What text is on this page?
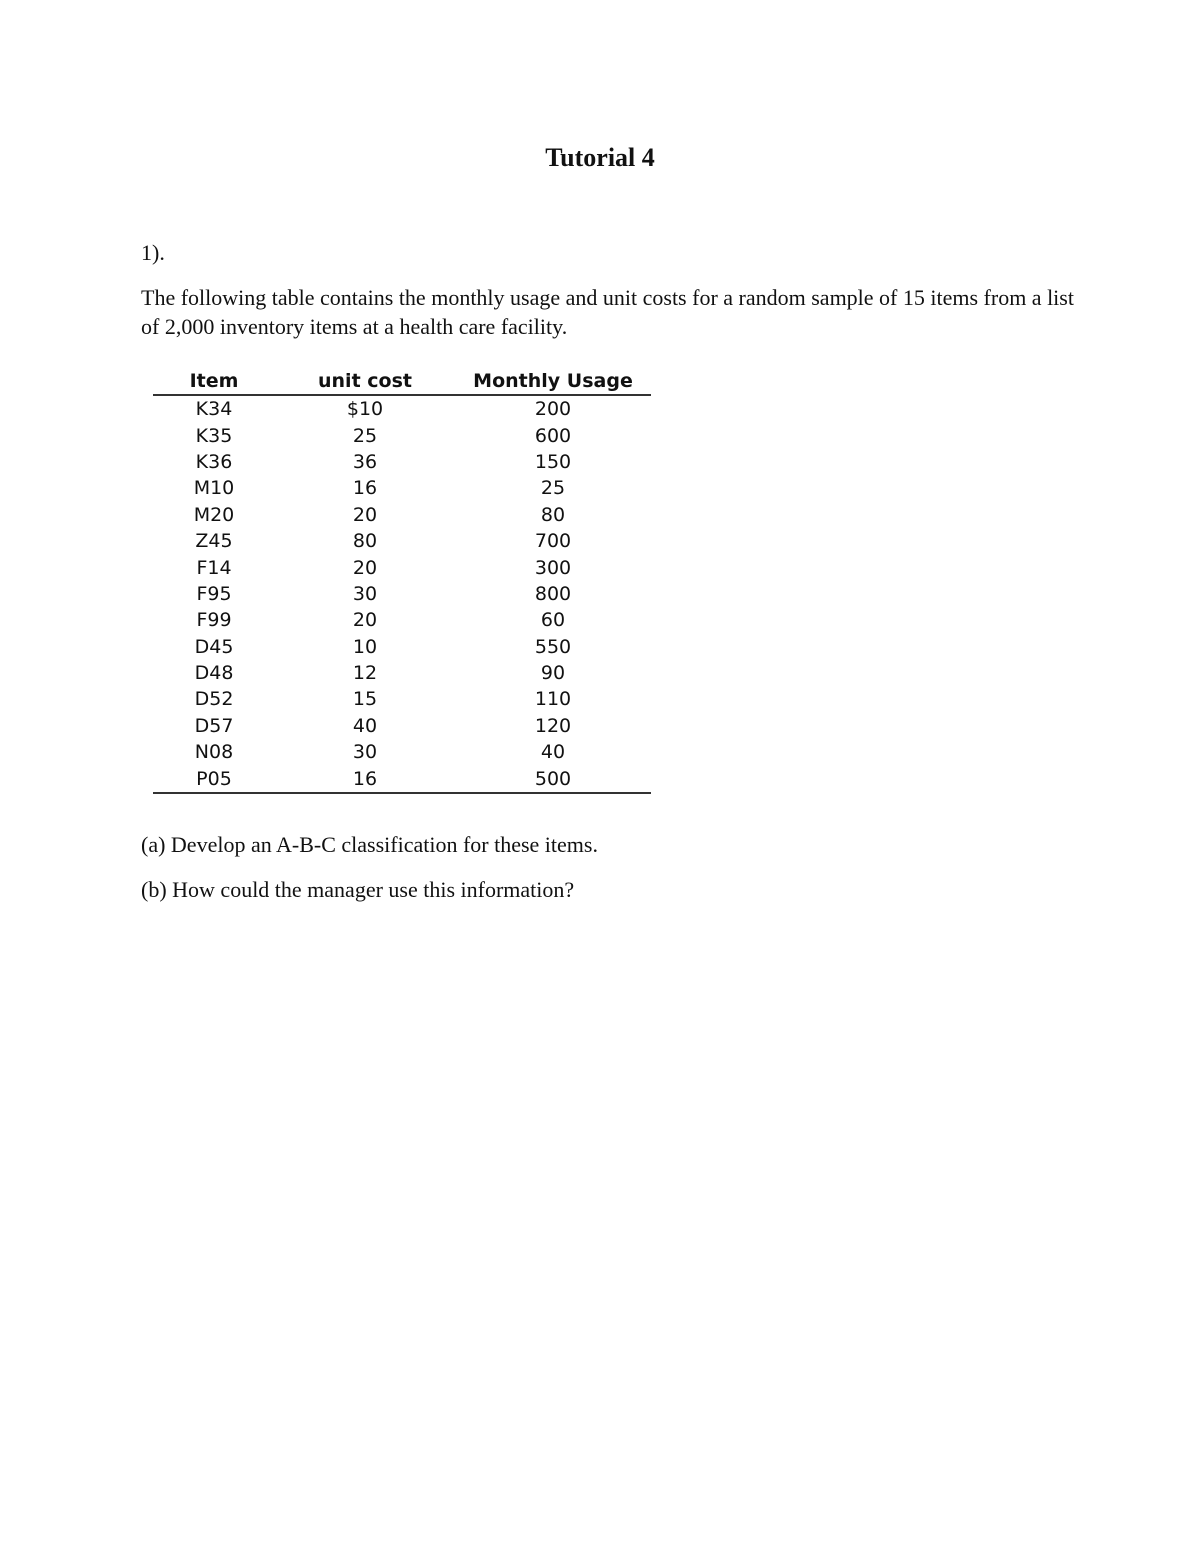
Tutorial 4
1).

The following table contains the monthly usage and unit costs for a random sample of 15 items from a list of 2,000 inventory items at a health care facility.

Item	unit cost	Monthly Usage
K34	$10	200
K35	25	600
K36	36	150
M10	16	25
M20	20	80
Z45	80	700
F14	20	300
F95	30	800
F99	20	60
D45	10	550
D48	12	90
D52	15	110
D57	40	120
N08	30	40
P05	16	500

(a) Develop an A-B-C classification for these items.

(b) How could the manager use this information?
